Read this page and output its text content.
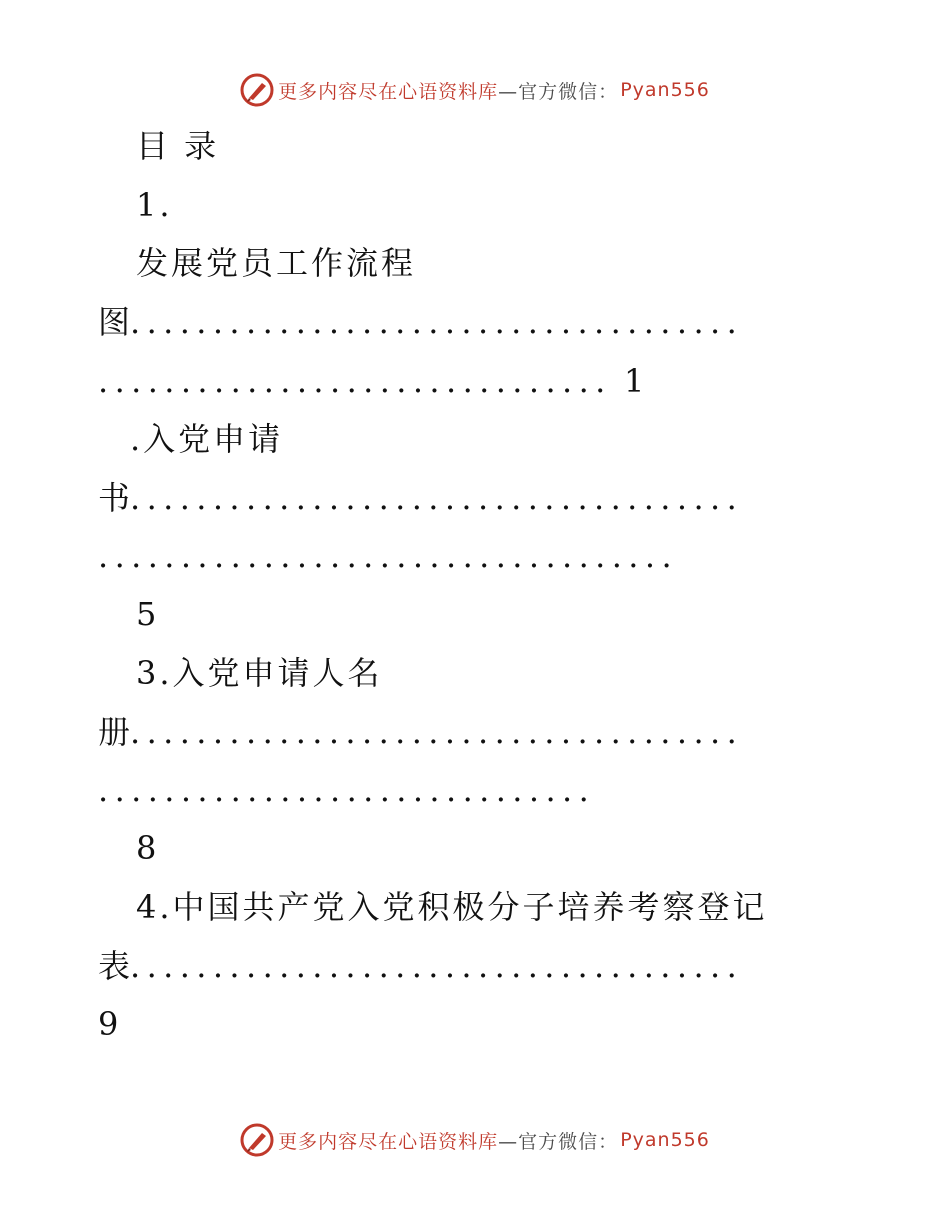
更多内容尽在心语资料库 —官方微信： Pyan556
目 录
1.
发展党员工作流程
图
.....................................
............................... 1
.入党申请
书
.....................................
...................................
5
3.入党申请人名
册
.....................................
..............................
8
4.中国共产党入党积极分子培养考察登记
表
.....................................
9
更多内容尽在心语资料库 —官方微信： Pyan556
